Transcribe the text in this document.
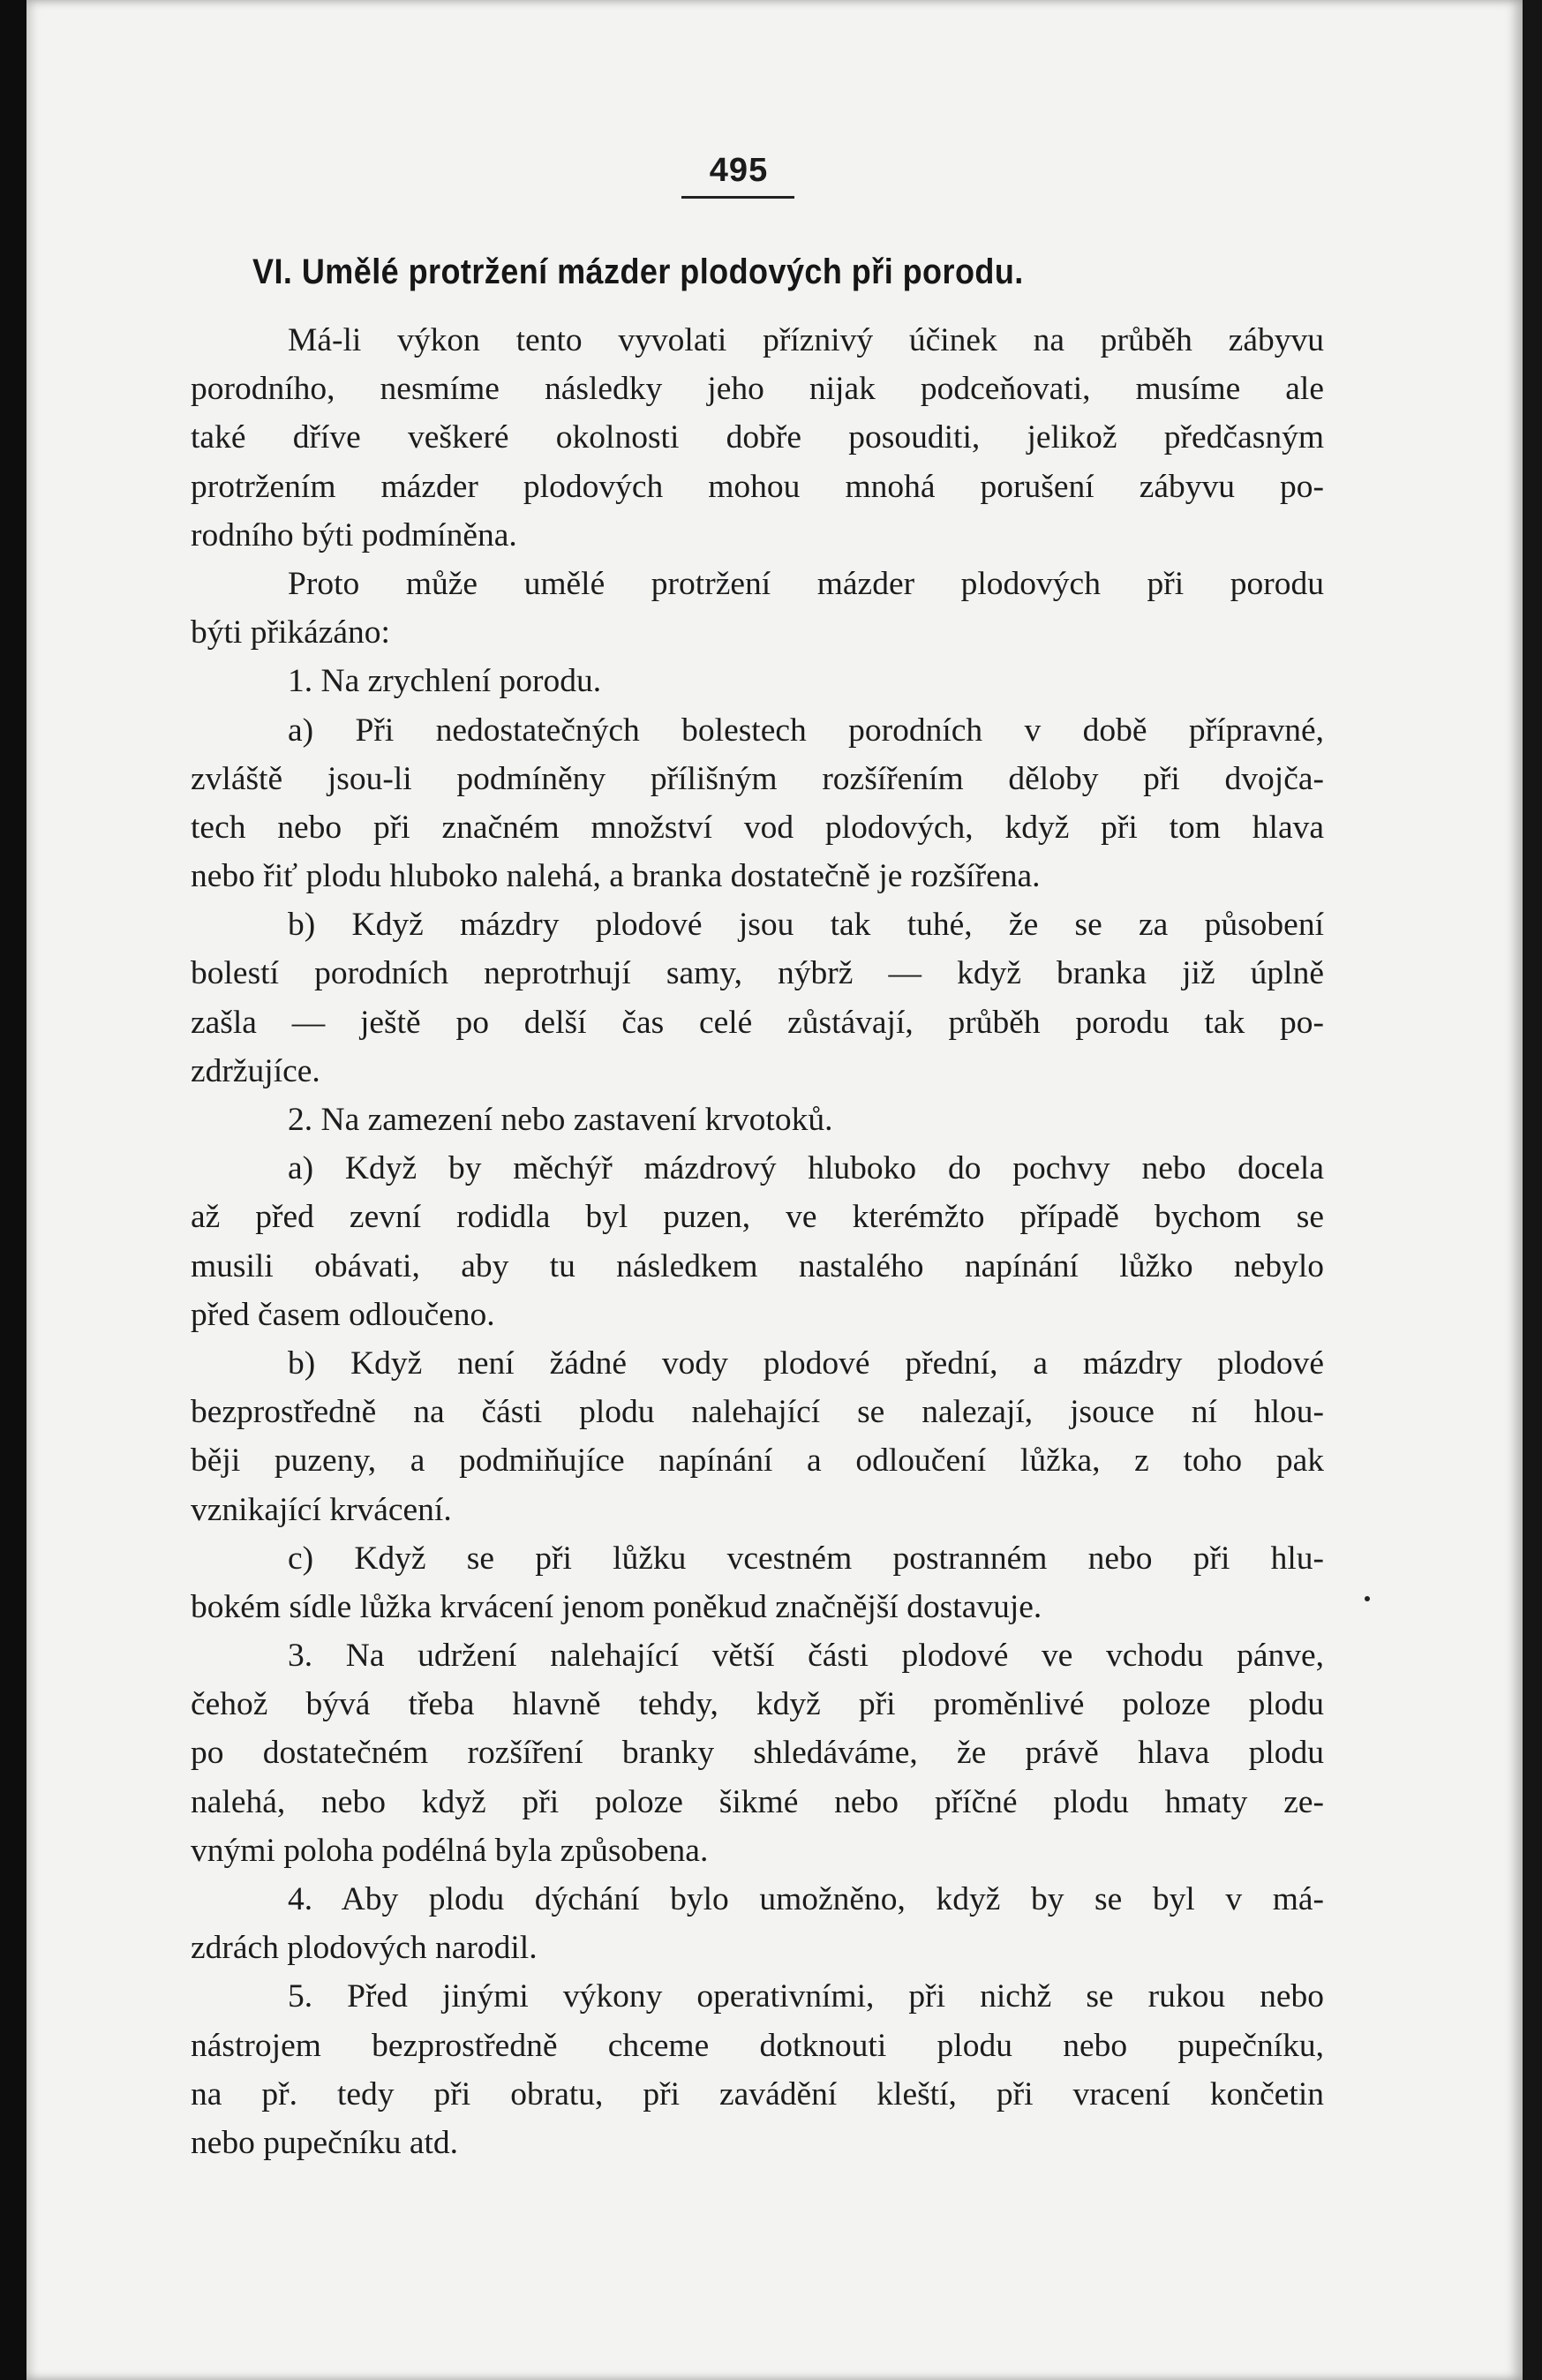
495
VI. Umělé protržení mázder plodových při porodu.
Má-li výkon tento vyvolati příznivý účinek na průběh zábyvu
porodního, nesmíme následky jeho nijak podceňovati, musíme ale
také dříve veškeré okolnosti dobře posouditi, jelikož předčasným
protržením mázder plodových mohou mnohá porušení zábyvu po-
rodního býti podmíněna.
Proto může umělé protržení mázder plodových při porodu
býti přikázáno:
1. Na zrychlení porodu.
a) Při nedostatečných bolestech porodních v době přípravné,
zvláště jsou-li podmíněny přílišným rozšířením děloby při dvojča-
tech nebo při značném množství vod plodových, když při tom hlava
nebo řiť plodu hluboko nalehá, a branka dostatečně je rozšířena.
b) Když mázdry plodové jsou tak tuhé, že se za působení
bolestí porodních neprotrhují samy, nýbrž — když branka již úplně
zašla — ještě po delší čas celé zůstávají, průběh porodu tak po-
zdržujíce.
2. Na zamezení nebo zastavení krvotoků.
a) Když by měchýř mázdrový hluboko do pochvy nebo docela
až před zevní rodidla byl puzen, ve kterémžto případě bychom se
musili obávati, aby tu následkem nastalého napínání lůžko nebylo
před časem odloučeno.
b) Když není žádné vody plodové přední, a mázdry plodové
bezprostředně na části plodu nalehající se nalezají, jsouce ní hlou-
běji puzeny, a podmiňujíce napínání a odloučení lůžka, z toho pak
vznikající krvácení.
c) Když se při lůžku vcestném postranném nebo při hlu-
bokém sídle lůžka krvácení jenom poněkud značnější dostavuje.
3. Na udržení nalehající větší části plodové ve vchodu pánve,
čehož bývá třeba hlavně tehdy, když při proměnlivé poloze plodu
po dostatečném rozšíření branky shledáváme, že právě hlava plodu
nalehá, nebo když při poloze šikmé nebo příčné plodu hmaty ze-
vnými poloha podélná byla způsobena.
4. Aby plodu dýchání bylo umožněno, když by se byl v má-
zdrách plodových narodil.
5. Před jinými výkony operativními, při nichž se rukou nebo
nástrojem bezprostředně chceme dotknouti plodu nebo pupečníku,
na př. tedy při obratu, při zavádění kleští, při vracení končetin
nebo pupečníku atd.
